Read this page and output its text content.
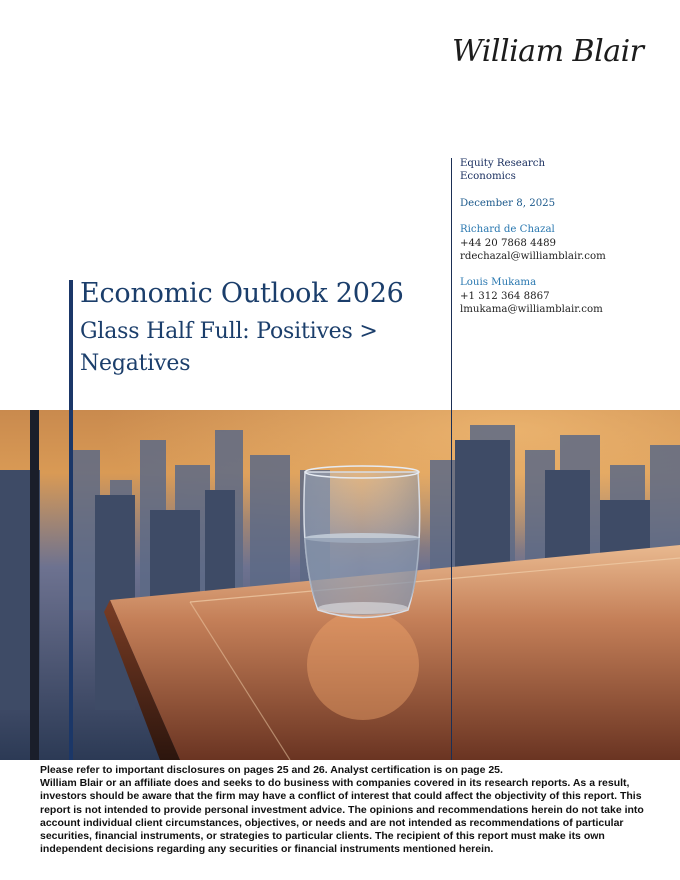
William Blair
Equity Research
Economics
December 8, 2025
Richard de Chazal
+44 20 7868 4489
rdechazal@williamblair.com
Louis Mukama
+1 312 364 8867
lmukama@williamblair.com
Economic Outlook 2026
Glass Half Full: Positives > Negatives

Please refer to important disclosures on pages 25 and 26. Analyst certification is on page 25.

William Blair or an affiliate does and seeks to do business with companies covered in its research reports. As a result, investors should be aware that the firm may have a conflict of interest that could affect the objectivity of this report. This report is not intended to provide personal investment advice. The opinions and recommendations herein do not take into account individual client circumstances, objectives, or needs and are not intended as recommendations of particular securities, financial instruments, or strategies to particular clients. The recipient of this report must make its own independent decisions regarding any securities or financial instruments mentioned herein.
